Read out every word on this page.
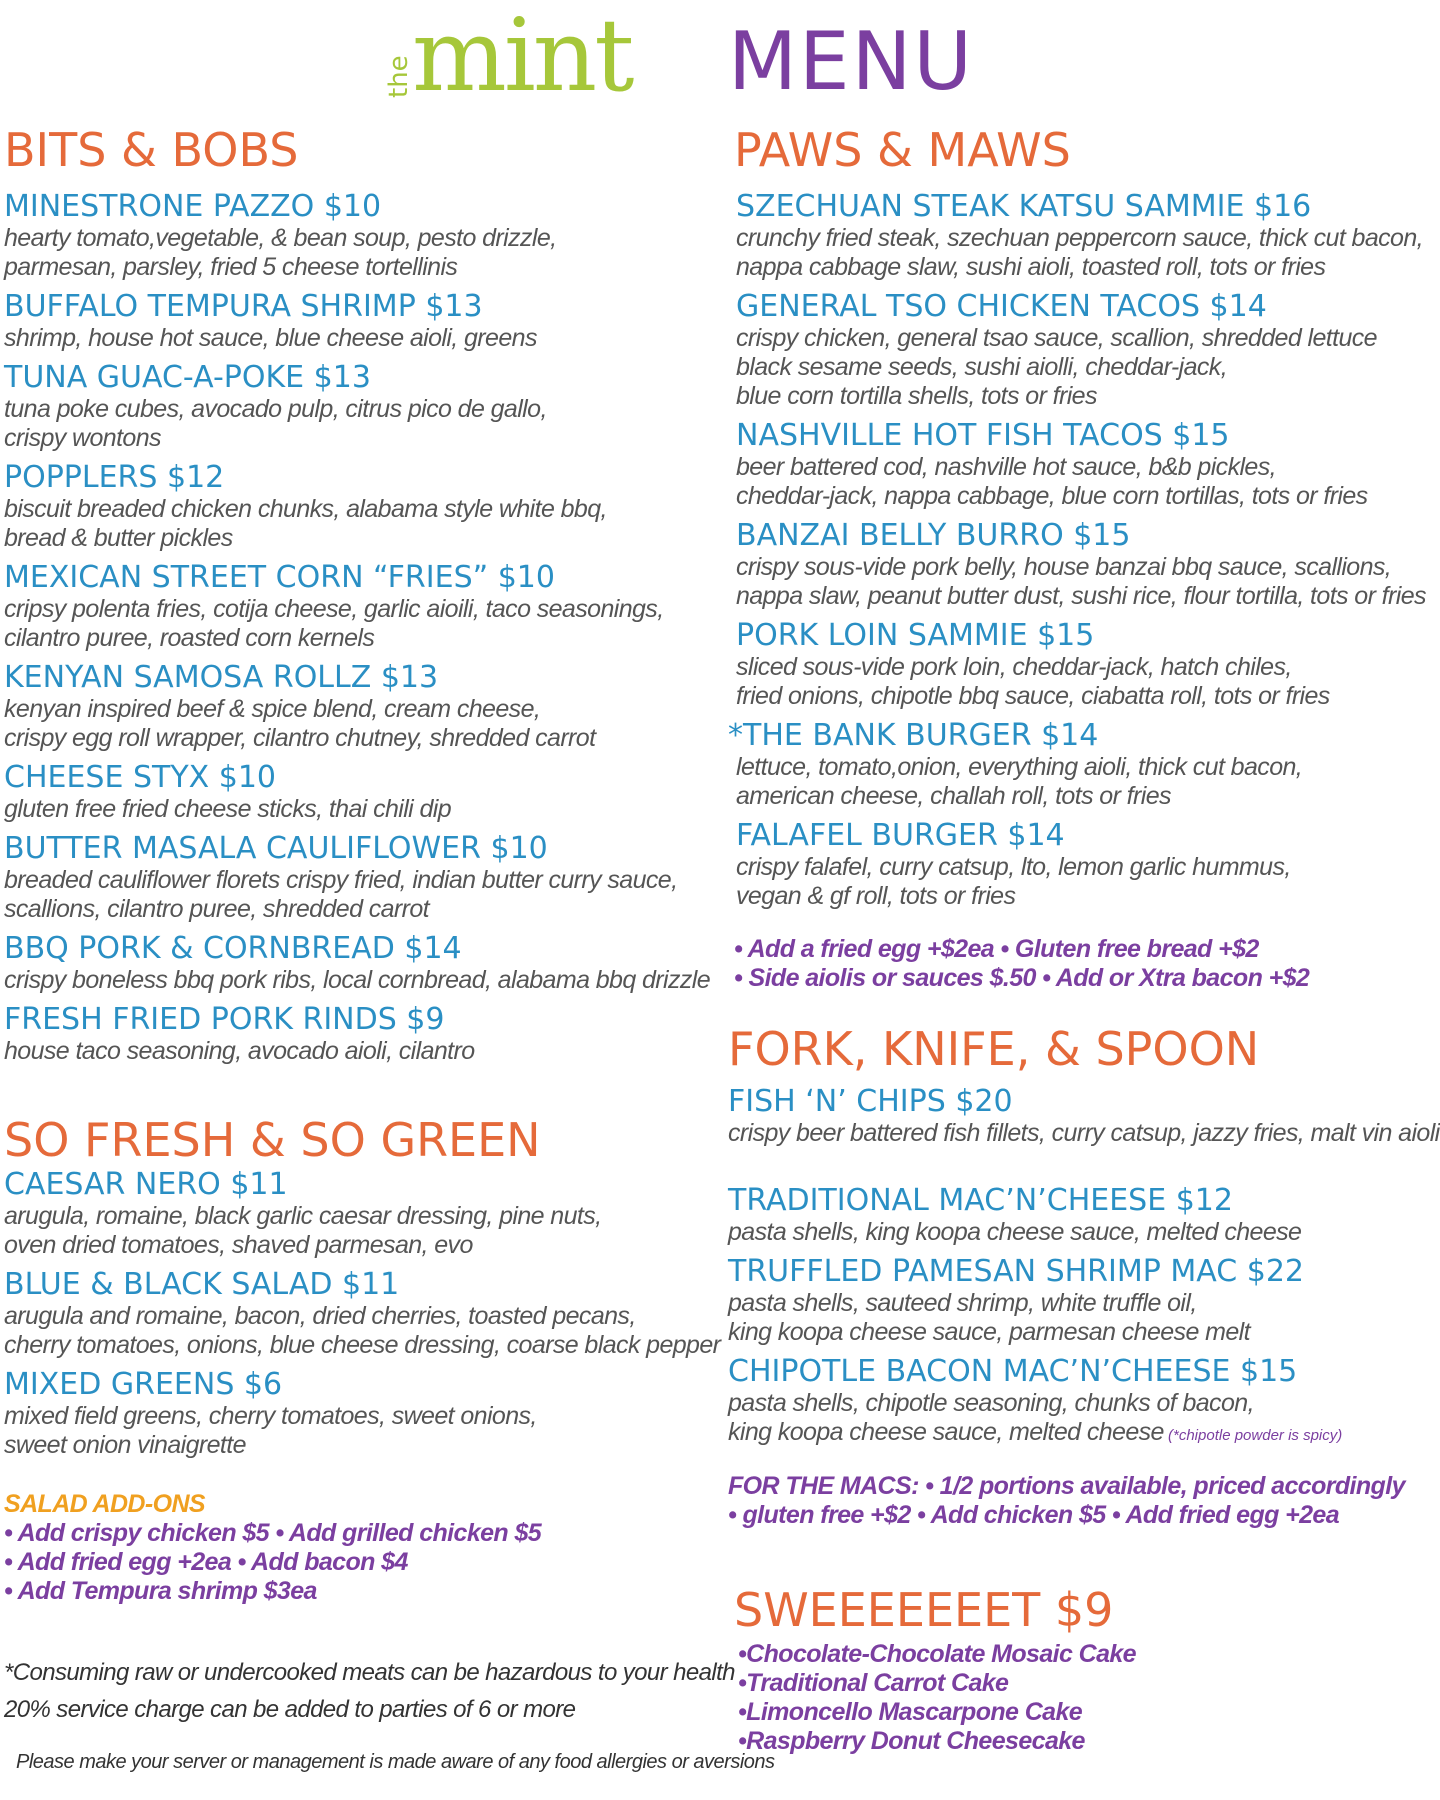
the
mint MENU
BITS & BOBS
MINESTRONE PAZZO $10
hearty tomato,vegetable, & bean soup, pesto drizzle,
parmesan, parsley, fried 5 cheese tortellinis
BUFFALO TEMPURA SHRIMP $13
shrimp, house hot sauce, blue cheese aioli, greens
TUNA GUAC-A-POKE $13
tuna poke cubes, avocado pulp, citrus pico de gallo,
crispy wontons
POPPLERS $12
biscuit breaded chicken chunks, alabama style white bbq,
bread & butter pickles
MEXICAN STREET CORN “FRIES” $10
cripsy polenta fries, cotija cheese, garlic aioili, taco seasonings,
cilantro puree, roasted corn kernels
KENYAN SAMOSA ROLLZ $13
kenyan inspired beef & spice blend, cream cheese,
crispy egg roll wrapper, cilantro chutney, shredded carrot
CHEESE STYX $10
gluten free fried cheese sticks, thai chili dip
BUTTER MASALA CAULIFLOWER $10
breaded cauliflower florets crispy fried, indian butter curry sauce,
scallions, cilantro puree, shredded carrot
BBQ PORK & CORNBREAD $14
crispy boneless bbq pork ribs, local cornbread, alabama bbq drizzle
FRESH FRIED PORK RINDS $9
house taco seasoning, avocado aioli, cilantro
SO FRESH & SO GREEN
CAESAR NERO $11
arugula, romaine, black garlic caesar dressing, pine nuts,
oven dried tomatoes, shaved parmesan, evo
BLUE & BLACK SALAD $11
arugula and romaine, bacon, dried cherries, toasted pecans,
cherry tomatoes, onions, blue cheese dressing, coarse black pepper
MIXED GREENS $6
mixed field greens, cherry tomatoes, sweet onions,
sweet onion vinaigrette
SALAD ADD-ONS
• Add crispy chicken $5 • Add grilled chicken $5
• Add fried egg +2ea • Add bacon $4
• Add Tempura shrimp $3ea
*Consuming raw or undercooked meats can be hazardous to your health
20% service charge can be added to parties of 6 or more
Please make your server or management is made aware of any food allergies or aversions
PAWS & MAWS
SZECHUAN STEAK KATSU SAMMIE $16
crunchy fried steak, szechuan peppercorn sauce, thick cut bacon,
nappa cabbage slaw, sushi aioli, toasted roll, tots or fries
GENERAL TSO CHICKEN TACOS $14
crispy chicken, general tsao sauce, scallion, shredded lettuce
black sesame seeds, sushi aiolli, cheddar-jack,
blue corn tortilla shells, tots or fries
NASHVILLE HOT FISH TACOS $15
beer battered cod, nashville hot sauce, b&b pickles,
cheddar-jack, nappa cabbage, blue corn tortillas, tots or fries
BANZAI BELLY BURRO $15
crispy sous-vide pork belly, house banzai bbq sauce, scallions,
nappa slaw, peanut butter dust, sushi rice, flour tortilla, tots or fries
PORK LOIN SAMMIE $15
sliced sous-vide pork loin, cheddar-jack, hatch chiles,
fried onions, chipotle bbq sauce, ciabatta roll, tots or fries
*THE BANK BURGER $14
lettuce, tomato,onion, everything aioli, thick cut bacon,
american cheese, challah roll, tots or fries
FALAFEL BURGER $14
crispy falafel, curry catsup, lto, lemon garlic hummus,
vegan & gf roll, tots or fries
• Add a fried egg +$2ea • Gluten free bread +$2
• Side aiolis or sauces $.50 • Add or Xtra bacon +$2
FORK, KNIFE, & SPOON
FISH ‘N’ CHIPS $20
crispy beer battered fish fillets, curry catsup, jazzy fries, malt vin aioli
TRADITIONAL MAC’N’CHEESE $12
pasta shells, king koopa cheese sauce, melted cheese
TRUFFLED PAMESAN SHRIMP MAC $22
pasta shells, sauteed shrimp, white truffle oil,
king koopa cheese sauce, parmesan cheese melt
CHIPOTLE BACON MAC’N’CHEESE $15
pasta shells, chipotle seasoning, chunks of bacon,
king koopa cheese sauce, melted cheese (*chipotle powder is spicy)
FOR THE MACS: • 1/2 portions available, priced accordingly
• gluten free +$2 • Add chicken $5 • Add fried egg +2ea
SWEEEEEEET $9
•Chocolate-Chocolate Mosaic Cake
•Traditional Carrot Cake
•Limoncello Mascarpone Cake
•Raspberry Donut Cheesecake
